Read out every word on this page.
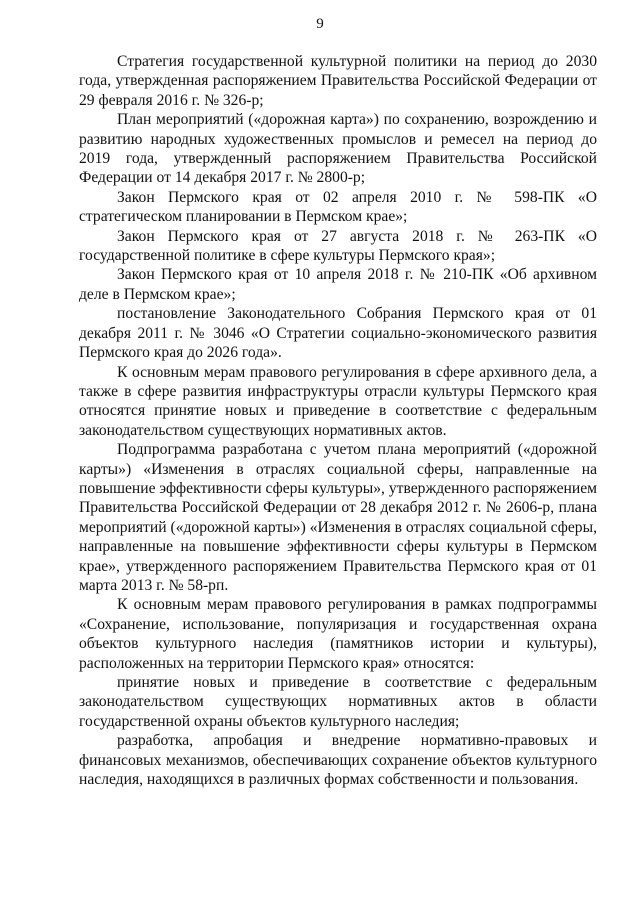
9

Стратегия государственной культурной политики на период до 2030 года, утвержденная распоряжением Правительства Российской Федерации от 29 февраля 2016 г. № 326-р;

План мероприятий («дорожная карта») по сохранению, возрождению и развитию народных художественных промыслов и ремесел на период до 2019 года, утвержденный распоряжением Правительства Российской Федерации от 14 декабря 2017 г. № 2800-р;

Закон Пермского края от 02 апреля 2010 г. № 598-ПК «О стратегическом планировании в Пермском крае»;

Закон Пермского края от 27 августа 2018 г. № 263-ПК «О государственной политике в сфере культуры Пермского края»;

Закон Пермского края от 10 апреля 2018 г. № 210-ПК «Об архивном деле в Пермском крае»;

постановление Законодательного Собрания Пермского края от 01 декабря 2011 г. № 3046 «О Стратегии социально-экономического развития Пермского края до 2026 года».

К основным мерам правового регулирования в сфере архивного дела, а также в сфере развития инфраструктуры отрасли культуры Пермского края относятся принятие новых и приведение в соответствие с федеральным законодательством существующих нормативных актов.

Подпрограмма разработана с учетом плана мероприятий («дорожной карты») «Изменения в отраслях социальной сферы, направленные на повышение эффективности сферы культуры», утвержденного распоряжением Правительства Российской Федерации от 28 декабря 2012 г. № 2606-р, плана мероприятий («дорожной карты») «Изменения в отраслях социальной сферы, направленные на повышение эффективности сферы культуры в Пермском крае», утвержденного распоряжением Правительства Пермского края от 01 марта 2013 г. № 58-рп.

К основным мерам правового регулирования в рамках подпрограммы «Сохранение, использование, популяризация и государственная охрана объектов культурного наследия (памятников истории и культуры), расположенных на территории Пермского края» относятся:

принятие новых и приведение в соответствие с федеральным законодательством существующих нормативных актов в области государственной охраны объектов культурного наследия;

разработка, апробация и внедрение нормативно-правовых и финансовых механизмов, обеспечивающих сохранение объектов культурного наследия, находящихся в различных формах собственности и пользования.
